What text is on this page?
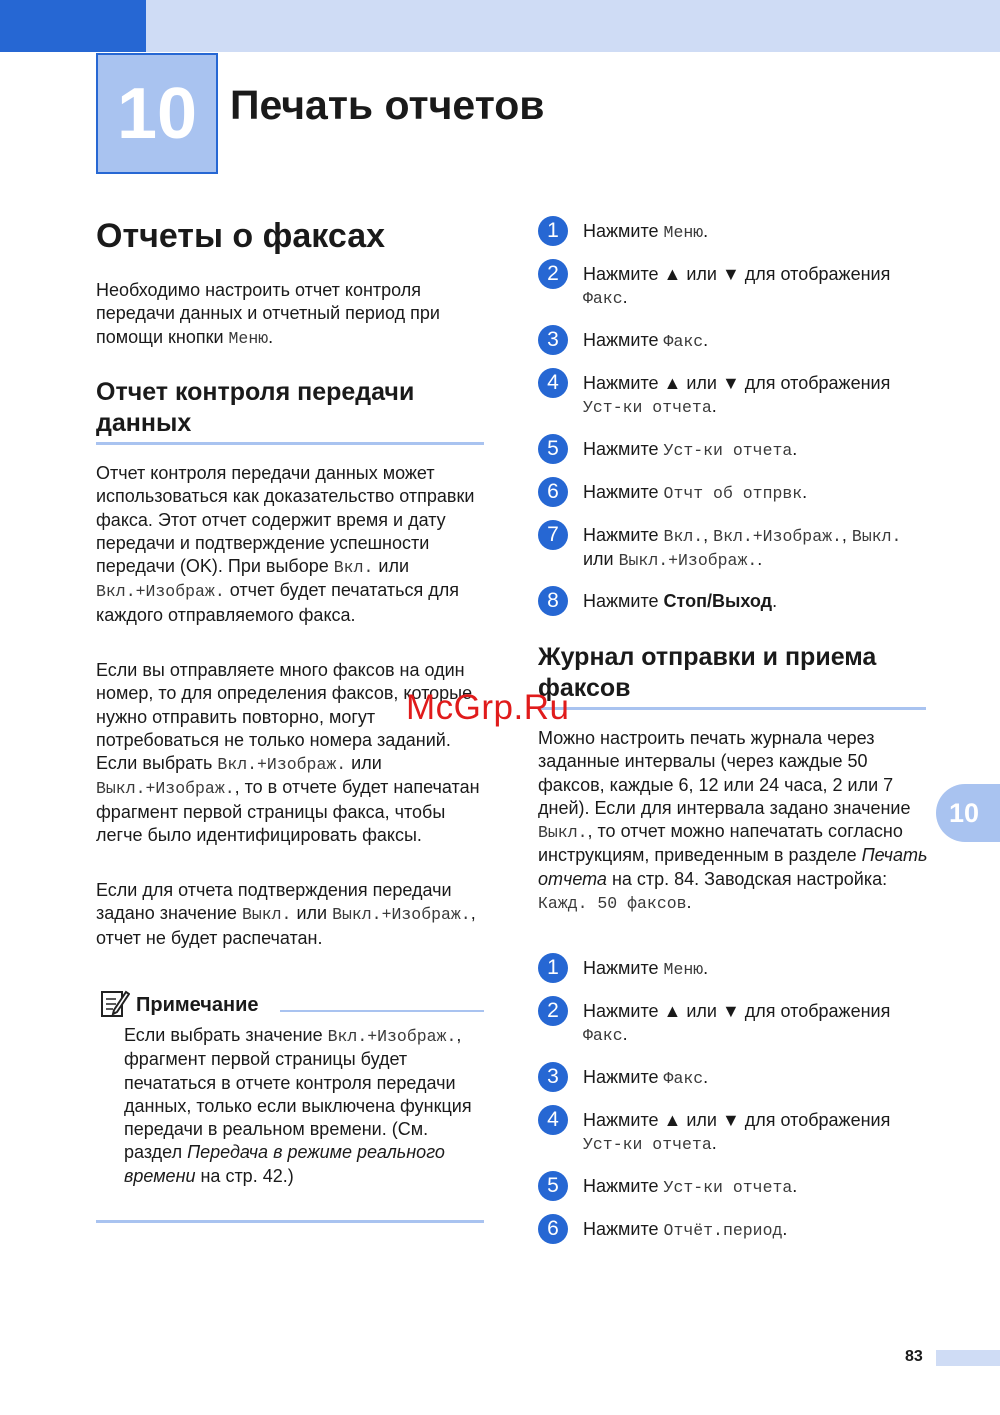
10 Печать отчетов
Отчеты о факсах

Необходимо настроить отчет контроля передачи данных и отчетный период при помощи кнопки Меню.

Отчет контроля передачи данных

Отчет контроля передачи данных может использоваться как доказательство отправки факса. Этот отчет содержит время и дату передачи и подтверждение успешности передачи (OK). При выборе Вкл. или Вкл.+Изображ. отчет будет печататься для каждого отправляемого факса.

Если вы отправляете много факсов на один номер, то для определения факсов, которые нужно отправить повторно, могут потребоваться не только номера заданий. Если выбрать Вкл.+Изображ. или Выкл.+Изображ., то в отчете будет напечатан фрагмент первой страницы факса, чтобы легче было идентифицировать факсы.

Если для отчета подтверждения передачи задано значение Выкл. или Выкл.+Изображ., отчет не будет распечатан.

Примечание

Если выбрать значение Вкл.+Изображ., фрагмент первой страницы будет печататься в отчете контроля передачи данных, только если выключена функция передачи в реальном времени. (См. раздел Передача в режиме реального времени на стр. 42.)

1	Нажмите Меню.
2	Нажмите ▲ или ▼ для отображения Факс.
3	Нажмите Факс.
4	Нажмите ▲ или ▼ для отображения Уст-ки отчета.
5	Нажмите Уст-ки отчета.
6	Нажмите Отчт об отпрвк.
7	Нажмите Вкл., Вкл.+Изображ., Выкл. или Выкл.+Изображ..
8	Нажмите Стоп/Выход.
Журнал отправки и приема факсов

Можно настроить печать журнала через заданные интервалы (через каждые 50 факсов, каждые 6, 12 или 24 часа, 2 или 7 дней). Если для интервала задано значение Выкл., то отчет можно напечатать согласно инструкциям, приведенным в разделе Печать отчета на стр. 84. Заводская настройка: Кажд. 50 факсов.

1	Нажмите Меню.
2	Нажмите ▲ или ▼ для отображения Факс.
3	Нажмите Факс.
4	Нажмите ▲ или ▼ для отображения Уст-ки отчета.
5	Нажмите Уст-ки отчета.
6	Нажмите Отчёт.период.
10
McGrp.Ru
83
